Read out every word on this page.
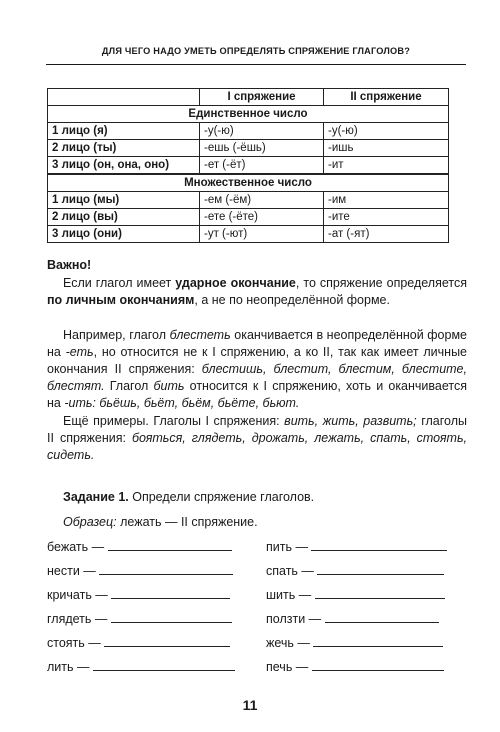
ДЛЯ ЧЕГО НАДО УМЕТЬ ОПРЕДЕЛЯТЬ СПРЯЖЕНИЕ ГЛАГОЛОВ?
	I спряжение	II спряжение
Единственное число		
1 лицо (я)	-у(-ю)	-у(-ю)
2 лицо (ты)	-ешь (-ёшь)	-ишь
3 лицо (он, она, оно)	-ет (-ёт)	-ит
Множественное число		
1 лицо (мы)	-ем (-ём)	-им
2 лицо (вы)	-ете (-ёте)	-ите
3 лицо (они)	-ут (-ют)	-ат (-ят)
Важно!
Если глагол имеет ударное окончание, то спряжение определяется по личным окончаниям, а не по неопределённой форме.
Например, глагол блестеть оканчивается в неопределённой форме на -еть, но относится не к I спряжению, а ко II, так как имеет личные окончания II спряжения: блестишь, блестит, блестим, блестите, блестят. Глагол бить относится к I спряжению, хоть и оканчивается на -ить: бьёшь, бьёт, бьём, бьёте, бьют.
Ещё примеры. Глаголы I спряжения: вить, жить, развить; глаголы II спряжения: бояться, глядеть, дрожать, лежать, спать, стоять, сидеть.
Задание 1. Определи спряжение глаголов.
Образец: лежать — II спряжение.
бежать —
нести —
кричать —
глядеть —
стоять —
лить —
пить —
спать —
шить —
ползти —
жечь —
печь —
11
